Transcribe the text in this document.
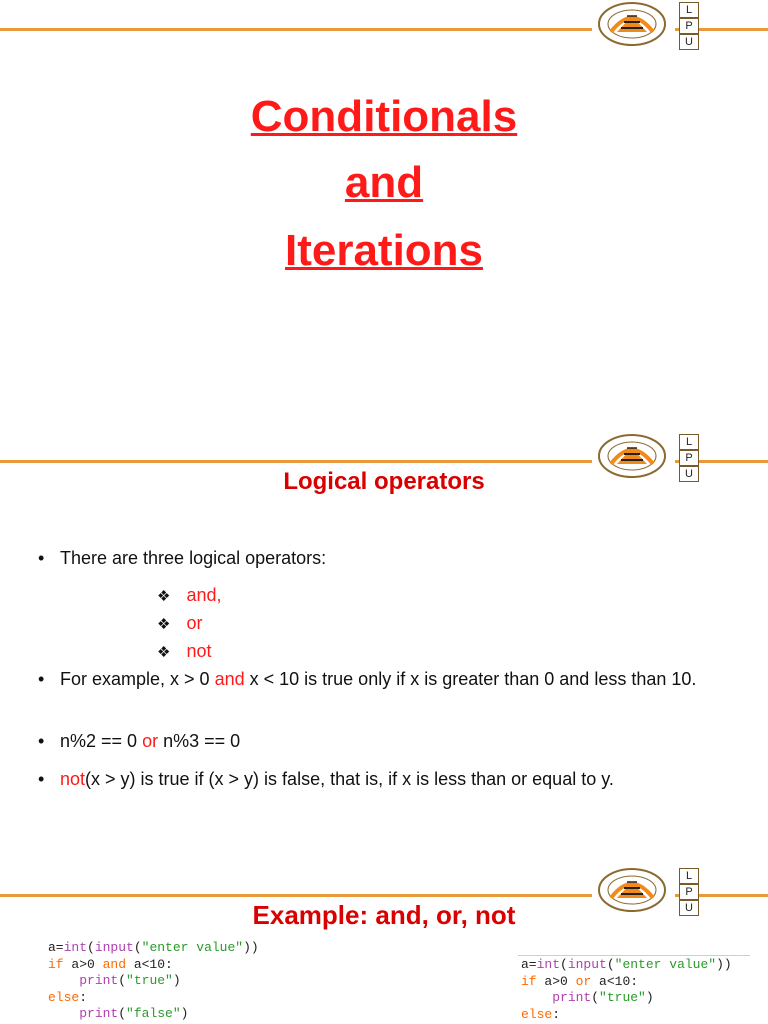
L
P
U
Conditionals
and
Iterations
L
P
U
Logical operators
• There are three logical operators:
❖ and,
❖ or
❖ not
• For example, x > 0 and x < 10 is true only if x is greater than 0 and less than 10.
• n%2 == 0 or n%3 == 0
• not(x > y) is true if (x > y) is false, that is, if x is less than or equal to y.
L
P
U
Example: and, or, not
a=int(input("enter value"))
if a>0 and a<10:
print("true")
else:
print("false")
a=int(input("enter value"))
if a>0 or a<10:
print("true")
else:
